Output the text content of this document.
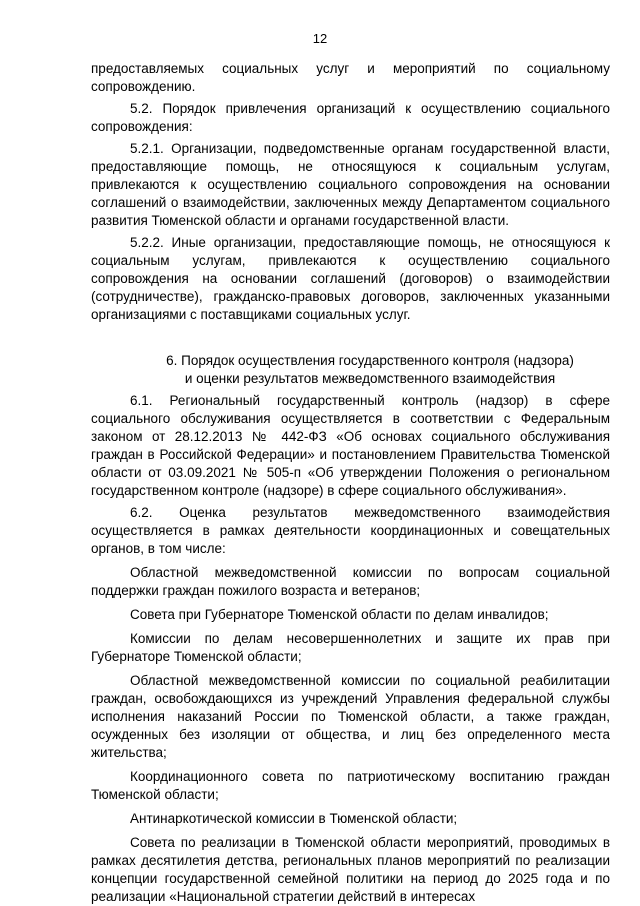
12

предоставляемых социальных услуг и мероприятий по социальному сопровождению.

5.2. Порядок привлечения организаций к осуществлению социального сопровождения:

5.2.1. Организации, подведомственные органам государственной власти, предоставляющие помощь, не относящуюся к социальным услугам, привлекаются к осуществлению социального сопровождения на основании соглашений о взаимодействии, заключенных между Департаментом социального развития Тюменской области и органами государственной власти.

5.2.2. Иные организации, предоставляющие помощь, не относящуюся к социальным услугам, привлекаются к осуществлению социального сопровождения на основании соглашений (договоров) о взаимодействии (сотрудничестве), гражданско-правовых договоров, заключенных указанными организациями с поставщиками социальных услуг.

6. Порядок осуществления государственного контроля (надзора)
и оценки результатов межведомственного взаимодействия

6.1. Региональный государственный контроль (надзор) в сфере социального обслуживания осуществляется в соответствии с Федеральным законом от 28.12.2013 № 442-ФЗ «Об основах социального обслуживания граждан в Российской Федерации» и постановлением Правительства Тюменской области от 03.09.2021 № 505-п «Об утверждении Положения о региональном государственном контроле (надзоре) в сфере социального обслуживания».

6.2. Оценка результатов межведомственного взаимодействия осуществляется в рамках деятельности координационных и совещательных органов, в том числе:

Областной межведомственной комиссии по вопросам социальной поддержки граждан пожилого возраста и ветеранов;

Совета при Губернаторе Тюменской области по делам инвалидов;

Комиссии по делам несовершеннолетних и защите их прав при Губернаторе Тюменской области;

Областной межведомственной комиссии по социальной реабилитации граждан, освобождающихся из учреждений Управления федеральной службы исполнения наказаний России по Тюменской области, а также граждан, осужденных без изоляции от общества, и лиц без определенного места жительства;

Координационного совета по патриотическому воспитанию граждан Тюменской области;

Антинаркотической комиссии в Тюменской области;

Совета по реализации в Тюменской области мероприятий, проводимых в рамках десятилетия детства, региональных планов мероприятий по реализации концепции государственной семейной политики на период до 2025 года и по реализации «Национальной стратегии действий в интересах
